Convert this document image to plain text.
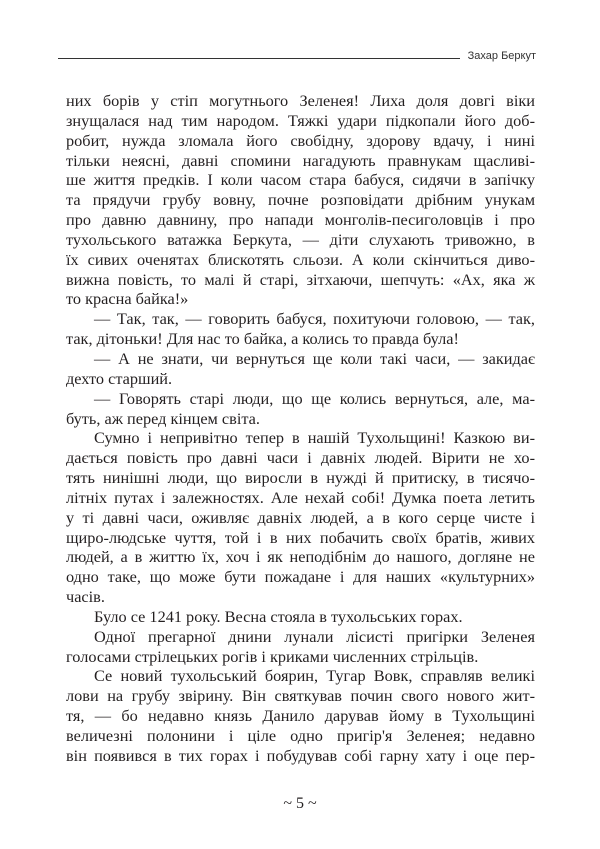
Захар Беркут
них борів у стіп могутнього Зеленея! Лиха доля довгі віки
знущалася над тим народом. Тяжкі удари підкопали його доб-
робит, нужда зломала його свобідну, здорову вдачу, і нині
тільки неясні, давні спомини нагадують правнукам щасливі-
ше життя предків. І коли часом стара бабуся, сидячи в запічку
та прядучи грубу вовну, почне розповідати дрібним унукам
про давню давнину, про напади монголів-песиголовців і про
тухольського ватажка Беркута, — діти слухають тривожно, в
їх сивих оченятах блискотять сльози. А коли скінчиться диво-
вижна повість, то малі й старі, зітхаючи, шепчуть: «Ах, яка ж
то красна байка!»
— Так, так, — говорить бабуся, похитуючи головою, — так,
так, дітоньки! Для нас то байка, а колись то правда була!
— А не знати, чи вернуться ще коли такі часи, — закидає
дехто старший.
— Говорять старі люди, що ще колись вернуться, але, ма-
буть, аж перед кінцем світа.
Сумно і непривітно тепер в нашій Тухольщині! Казкою ви-
дається повість про давні часи і давніх людей. Вірити не хо-
тять нинішні люди, що виросли в нужді й притиску, в тисячо-
літніх путах і залежностях. Але нехай собі! Думка поета летить
у ті давні часи, оживляє давніх людей, а в кого серце чисте і
щиро-людське чуття, той і в них побачить своїх братів, живих
людей, а в життю їх, хоч і як неподібнім до нашого, догляне не
одно таке, що може бути пожадане і для наших «культурних»
часів.
Було се 1241 року. Весна стояла в тухольських горах.
Одної прегарної днини лунали лісисті пригірки Зеленея
голосами стрілецьких рогів і криками численних стрільців.
Се новий тухольський боярин, Тугар Вовк, справляв великі
лови на грубу звірину. Він святкував почин свого нового жит-
тя, — бо недавно князь Данило дарував йому в Тухольщині
величезні полонини і ціле одно пригір'я Зеленея; недавно
він появився в тих горах і побудував собі гарну хату і оце пер-
~ 5 ~
